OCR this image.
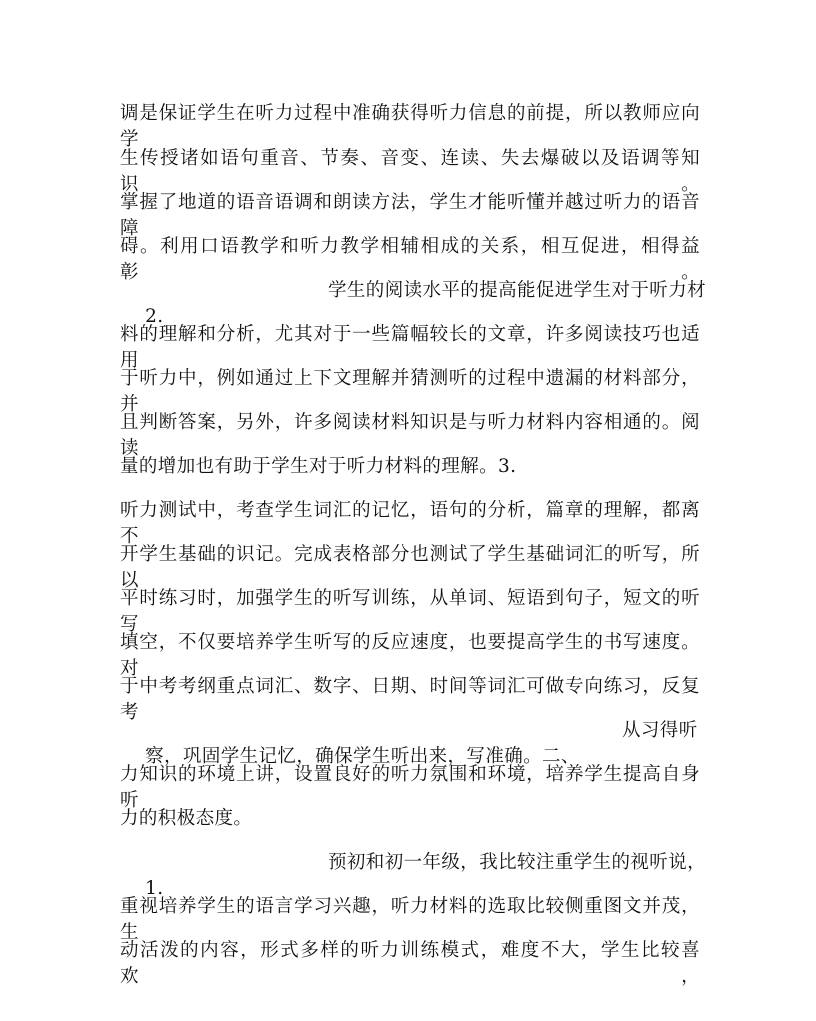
调是保证学生在听力过程中准确获得听力信息的前提，所以教师应向学
生传授诸如语句重音、节奏、音变、连读、失去爆破以及语调等知识。
掌握了地道的语音语调和朗读方法，学生才能听懂并越过听力的语音障
碍。利用口语教学和听力教学相辅相成的关系，相互促进，相得益彰。

2.

学生的阅读水平的提高能促进学生对于听力材

料的理解和分析，尤其对于一些篇幅较长的文章，许多阅读技巧也适用
于听力中，例如通过上下文理解并猜测听的过程中遗漏的材料部分，并
且判断答案，另外，许多阅读材料知识是与听力材料内容相通的。阅读
量的增加也有助于学生对于听力材料的理解。3.
听力测试中，考查学生词汇的记忆，语句的分析，篇章的理解，都离不
开学生基础的识记。完成表格部分也测试了学生基础词汇的听写，所以
平时练习时，加强学生的听写训练，从单词、短语到句子，短文的听写
填空，不仅要培养学生听写的反应速度，也要提高学生的书写速度。对
于中考考纲重点词汇、数字、日期、时间等词汇可做专向练习，反复考

察，巩固学生记忆，确保学生听出来，写准确。二、

从习得听

力知识的环境上讲，设置良好的听力氛围和环境，培养学生提高自身听
力的积极态度。

1.

预初和初一年级，我比较注重学生的视听说，

重视培养学生的语言学习兴趣，听力材料的选取比较侧重图文并茂，生
动活泼的内容，形式多样的听力训练模式，难度不大，学生比较喜欢，
